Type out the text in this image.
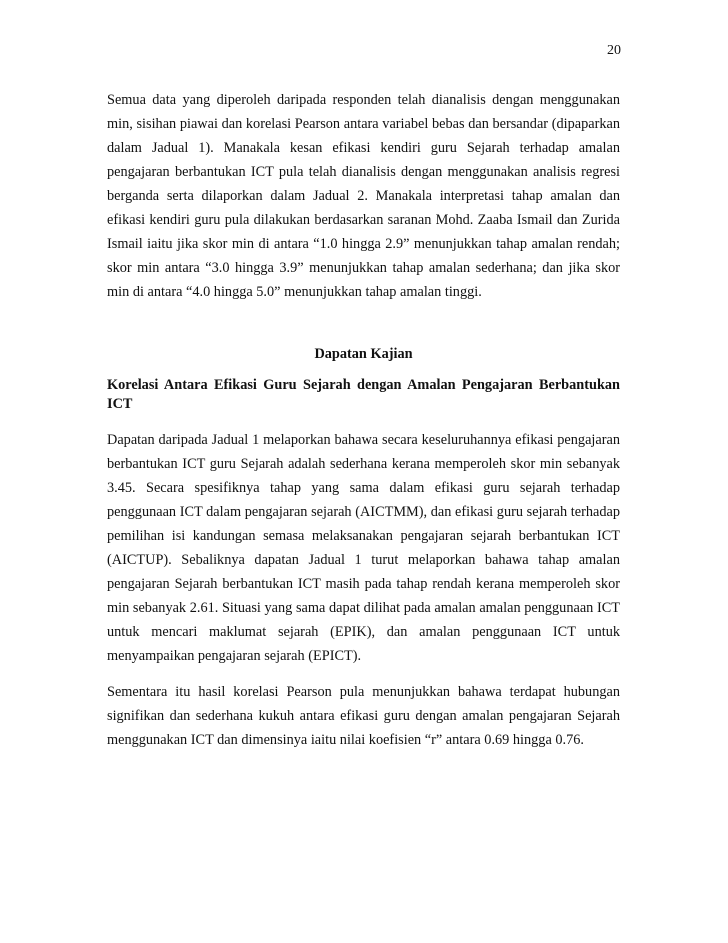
20

Semua data yang diperoleh daripada responden telah dianalisis dengan menggunakan min, sisihan piawai dan korelasi Pearson antara variabel bebas dan bersandar (dipaparkan dalam Jadual 1). Manakala kesan efikasi kendiri guru Sejarah terhadap amalan pengajaran berbantukan ICT pula telah dianalisis dengan menggunakan analisis regresi berganda serta dilaporkan dalam Jadual 2. Manakala interpretasi tahap amalan dan efikasi kendiri guru pula dilakukan berdasarkan saranan Mohd. Zaaba Ismail dan Zurida Ismail iaitu jika skor min di antara “1.0 hingga 2.9” menunjukkan tahap amalan rendah; skor min antara “3.0 hingga 3.9” menunjukkan tahap amalan sederhana; dan jika skor min di antara “4.0 hingga 5.0” menunjukkan tahap amalan tinggi.

Dapatan Kajian
Korelasi Antara Efikasi Guru Sejarah dengan Amalan Pengajaran Berbantukan ICT

Dapatan daripada Jadual 1 melaporkan bahawa secara keseluruhannya efikasi pengajaran berbantukan ICT guru Sejarah adalah sederhana kerana memperoleh skor min sebanyak 3.45. Secara spesifiknya tahap yang sama dalam efikasi guru sejarah terhadap penggunaan ICT dalam pengajaran sejarah (AICTMM), dan efikasi guru sejarah terhadap pemilihan isi kandungan semasa melaksanakan pengajaran sejarah berbantukan ICT (AICTUP). Sebaliknya dapatan Jadual 1 turut melaporkan bahawa tahap amalan pengajaran Sejarah berbantukan ICT masih pada tahap rendah kerana memperoleh skor min sebanyak 2.61. Situasi yang sama dapat dilihat pada amalan amalan penggunaan ICT untuk mencari maklumat sejarah (EPIK), dan amalan penggunaan ICT untuk menyampaikan pengajaran sejarah (EPICT).

Sementara itu hasil korelasi Pearson pula menunjukkan bahawa terdapat hubungan signifikan dan sederhana kukuh antara efikasi guru dengan amalan pengajaran Sejarah menggunakan ICT dan dimensinya iaitu nilai koefisien “r” antara 0.69 hingga 0.76.
